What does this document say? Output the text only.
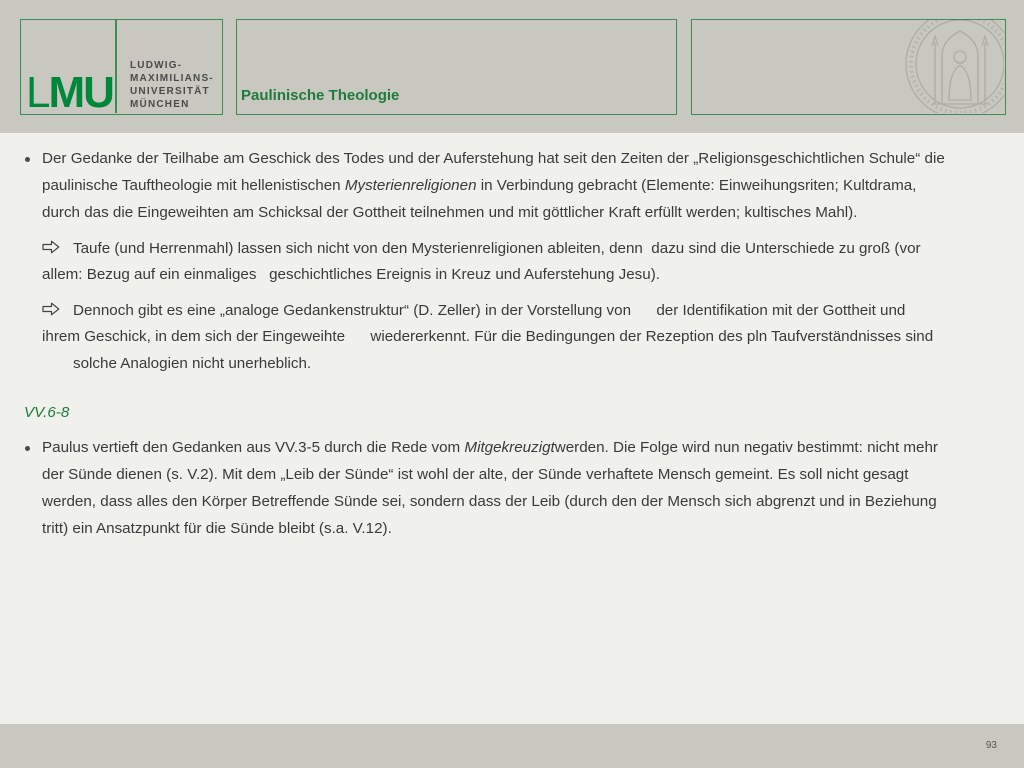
LMU
LUDWIG-
MAXIMILIANS-
UNIVERSITÄT
MÜNCHEN
Paulinische Theologie
Der Gedanke der Teilhabe am Geschick des Todes und der Auferstehung hat seit den Zeiten der „Religionsgeschichtlichen Schule“ die
paulinische Tauftheologie mit hellenistischen Mysterienreligionen in Verbindung gebracht (Elemente: Einweihungsriten; Kultdrama,
durch das die Eingeweihten am Schicksal der Gottheit teilnehmen und mit göttlicher Kraft erfüllt werden; kultisches Mahl).
Taufe (und Herrenmahl) lassen sich nicht von den Mysterienreligionen ableiten, denn  dazu sind die Unterschiede zu groß (vor
allem: Bezug auf ein einmaliges   geschichtliches Ereignis in Kreuz und Auferstehung Jesu).
Dennoch gibt es eine „analoge Gedankenstruktur“ (D. Zeller) in der Vorstellung von      der Identifikation mit der Gottheit und
ihrem Geschick, in dem sich der Eingeweihte      wiedererkennt. Für die Bedingungen der Rezeption des pln Taufverständnisses sind
solche Analogien nicht unerheblich.
VV.6-8
Paulus vertieft den Gedanken aus VV.3-5 durch die Rede vom Mitgekreuzigtwerden. Die Folge wird nun negativ bestimmt: nicht mehr
der Sünde dienen (s. V.2). Mit dem „Leib der Sünde“ ist wohl der alte, der Sünde verhaftete Mensch gemeint. Es soll nicht gesagt
werden, dass alles den Körper Betreffende Sünde sei, sondern dass der Leib (durch den der Mensch sich abgrenzt und in Beziehung
tritt) ein Ansatzpunkt für die Sünde bleibt (s.a. V.12).
93
